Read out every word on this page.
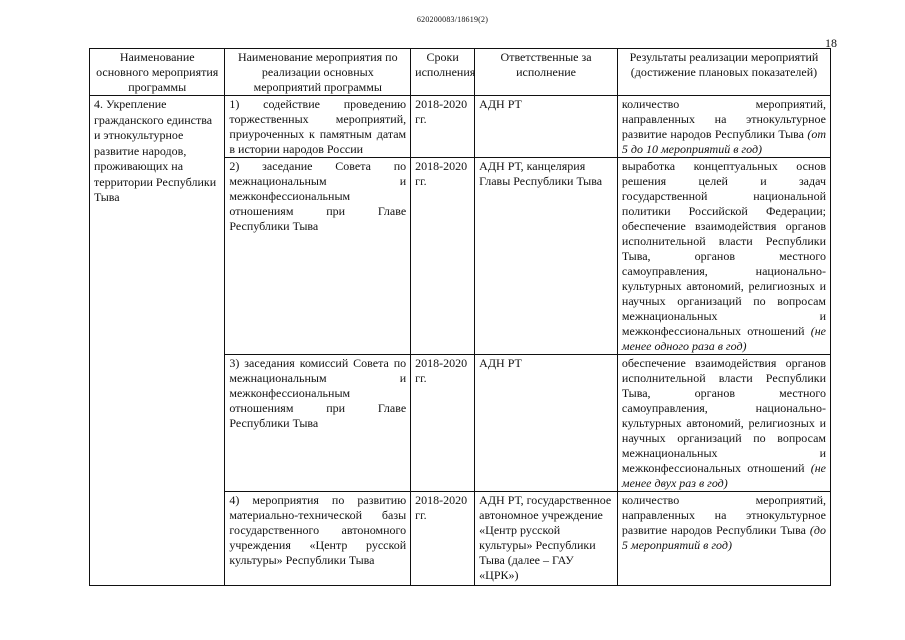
620200083/18619(2)
18
Наименование основного мероприятия программы	Наименование мероприятия по реализации основных мероприятий программы	Сроки исполнения	Ответственные за исполнение	Результаты реализации мероприятий (достижение плановых показателей)
4. Укрепление гражданского единства и этнокультурное развитие народов, проживающих на территории Республики Тыва	1) содействие проведению торжественных мероприятий, приуроченных к памятным датам в истории народов России	2018-2020 гг.	АДН РТ	количество мероприятий, направленных на этнокультурное развитие народов Республики Тыва (от 5 до 10 мероприятий в год)
	2) заседание Совета по межнациональным и межконфессиональным отношениям при Главе Республики Тыва	2018-2020 гг.	АДН РТ, канцелярия Главы Республики Тыва	выработка концептуальных основ решения целей и задач государственной национальной политики Российской Федерации; обеспечение взаимодействия органов исполнительной власти Республики Тыва, органов местного самоуправления, национально-культурных автономий, религиозных и научных организаций по вопросам межнациональных и межконфессиональных отношений (не менее одного раза в год)
	3) заседания комиссий Совета по межнациональным и межконфессиональным отношениям при Главе Республики Тыва	2018-2020 гг.	АДН РТ	обеспечение взаимодействия органов исполнительной власти Республики Тыва, органов местного самоуправления, национально-культурных автономий, религиозных и научных организаций по вопросам межнациональных и межконфессиональных отношений (не менее двух раз в год)
	4) мероприятия по развитию материально-технической базы государственного автономного учреждения «Центр русской культуры» Республики Тыва	2018-2020 гг.	АДН РТ, государственное автономное учреждение «Центр русской культуры» Республики Тыва (далее – ГАУ «ЦРК»)	количество мероприятий, направленных на этнокультурное развитие народов Республики Тыва (до 5 мероприятий в год)
